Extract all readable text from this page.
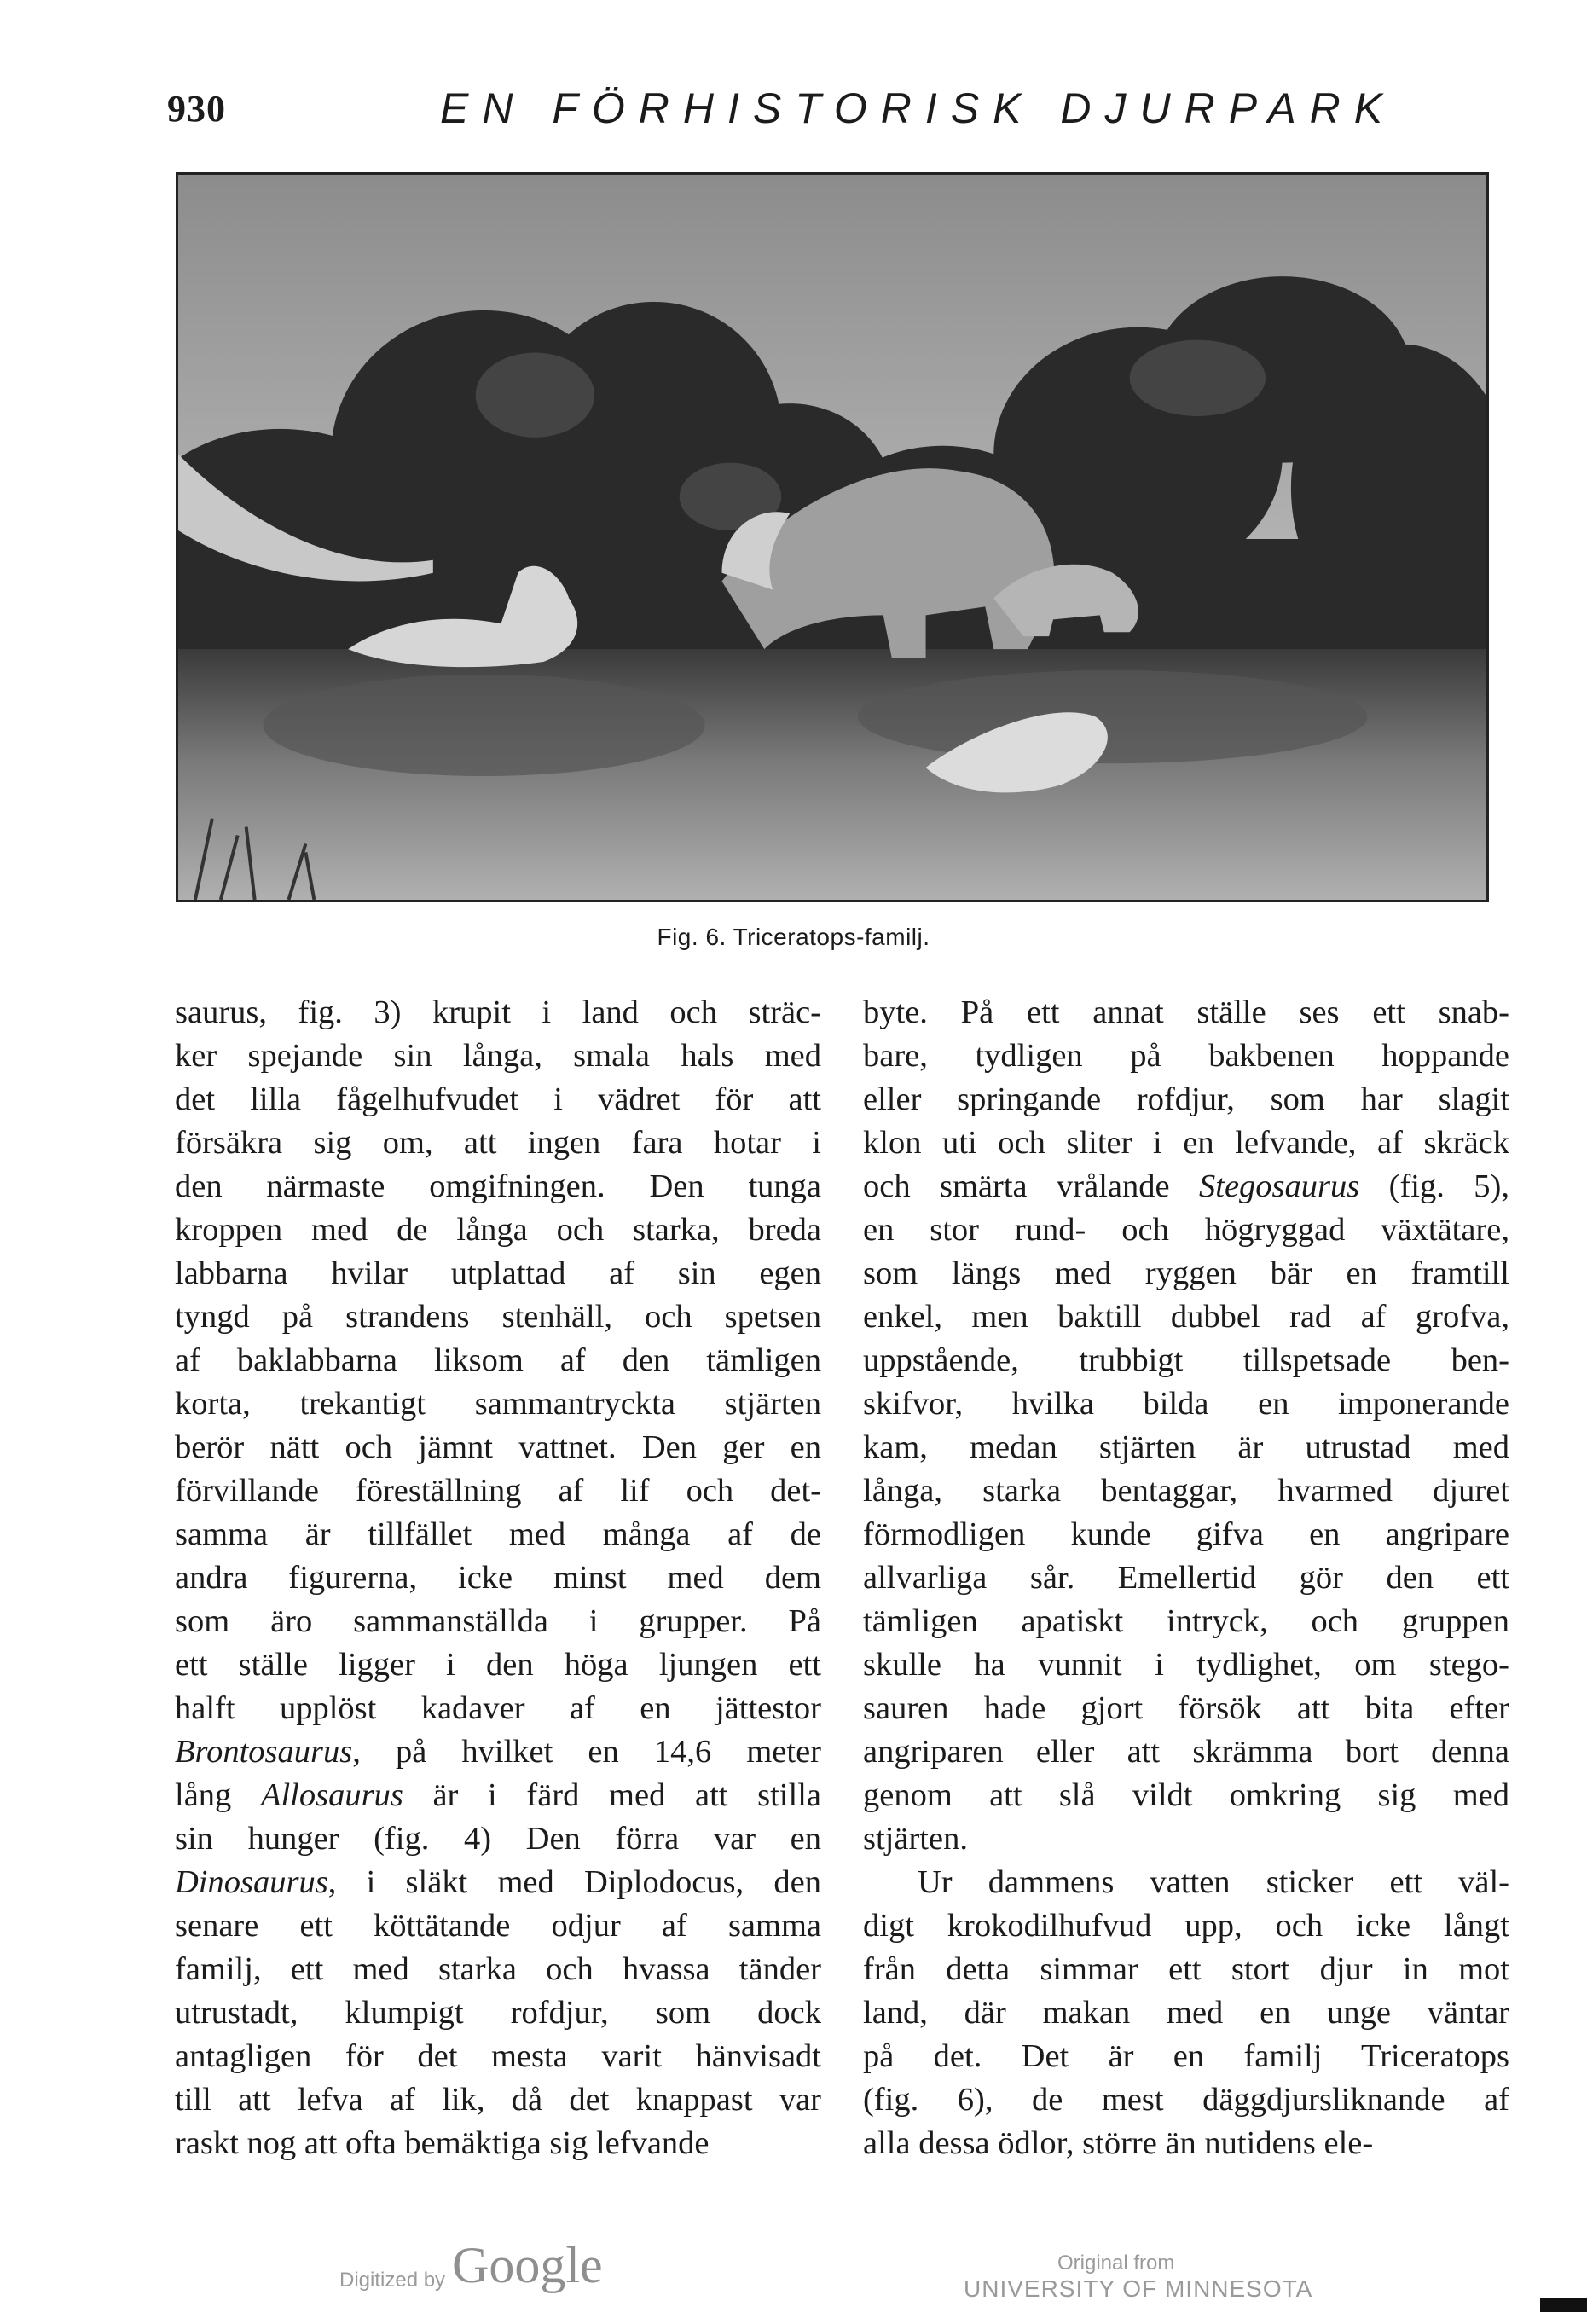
930	EN FÖRHISTORISK DJURPARK
Fig. 6. Triceratops-familj.
saurus, fig. 3) krupit i land och sträc-
ker spejande sin långa, smala hals med
det lilla fågelhufvudet i vädret för att
försäkra sig om, att ingen fara hotar i
den närmaste omgifningen. Den tunga
kroppen med de långa och starka, breda
labbarna hvilar utplattad af sin egen
tyngd på strandens stenhäll, och spetsen
af baklabbarna liksom af den tämligen
korta, trekantigt sammantryckta stjärten
berör nätt och jämnt vattnet. Den ger en
förvillande föreställning af lif och det-
samma är tillfället med många af de
andra figurerna, icke minst med dem
som äro sammanställda i grupper. På
ett ställe ligger i den höga ljungen ett
halft upplöst kadaver af en jättestor
Brontosaurus, på hvilket en 14,6 meter
lång Allosaurus är i färd med att stilla
sin hunger (fig. 4) Den förra var en
Dinosaurus, i släkt med Diplodocus, den
senare ett köttätande odjur af samma
familj, ett med starka och hvassa tänder
utrustadt, klumpigt rofdjur, som dock
antagligen för det mesta varit hänvisadt
till att lefva af lik, då det knappast var
raskt nog att ofta bemäktiga sig lefvande
byte. På ett annat ställe ses ett snab-
bare, tydligen på bakbenen hoppande
eller springande rofdjur, som har slagit
klon uti och sliter i en lefvande, af skräck
och smärta vrålande Stegosaurus (fig. 5),
en stor rund- och högryggad växtätare,
som längs med ryggen bär en framtill
enkel, men baktill dubbel rad af grofva,
uppstående, trubbigt tillspetsade ben-
skifvor, hvilka bilda en imponerande
kam, medan stjärten är utrustad med
långa, starka bentaggar, hvarmed djuret
förmodligen kunde gifva en angripare
allvarliga sår. Emellertid gör den ett
tämligen apatiskt intryck, och gruppen
skulle ha vunnit i tydlighet, om stego-
sauren hade gjort försök att bita efter
angriparen eller att skrämma bort denna
genom att slå vildt omkring sig med
stjärten.
Ur dammens vatten sticker ett väl-
digt krokodilhufvud upp, och icke långt
från detta simmar ett stort djur in mot
land, där makan med en unge väntar
på det. Det är en familj Triceratops
(fig. 6), de mest däggdjursliknande af
alla dessa ödlor, större än nutidens ele-
Digitized by Google	Original from
UNIVERSITY OF MINNESOTA
